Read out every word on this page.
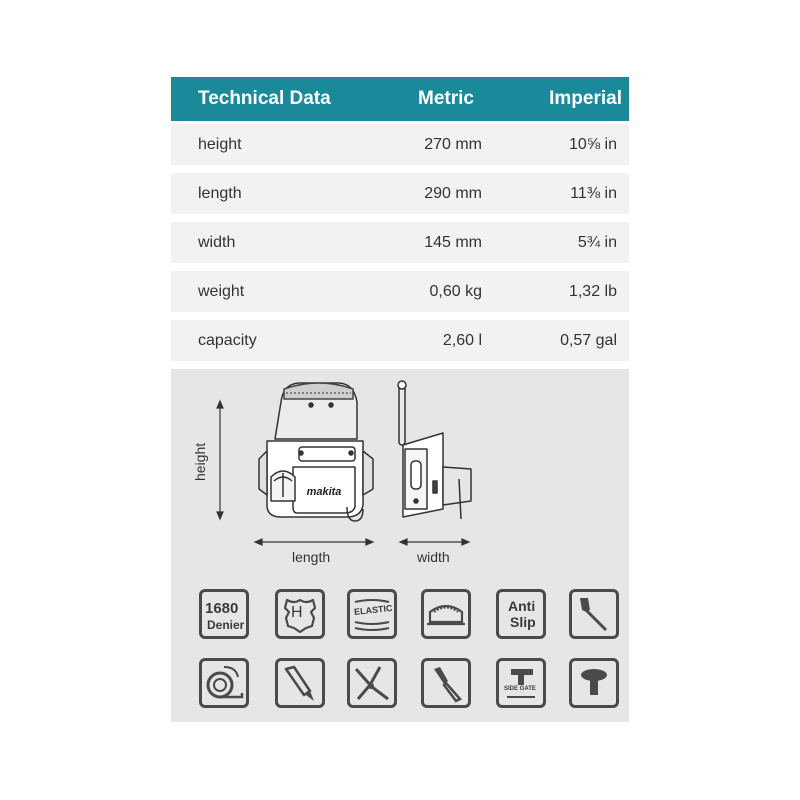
Technical Data	Metric	Imperial
height	270 mm	10⅝ in
length	290 mm	11⅜ in
width	145 mm	5¾ in
weight	0,60 kg	1,32 lb
capacity	2,60 l	0,57 gal
makita
height
length	width
1680
Denier
H	ELASTIC	Anti
Slip
SIDE GATE
